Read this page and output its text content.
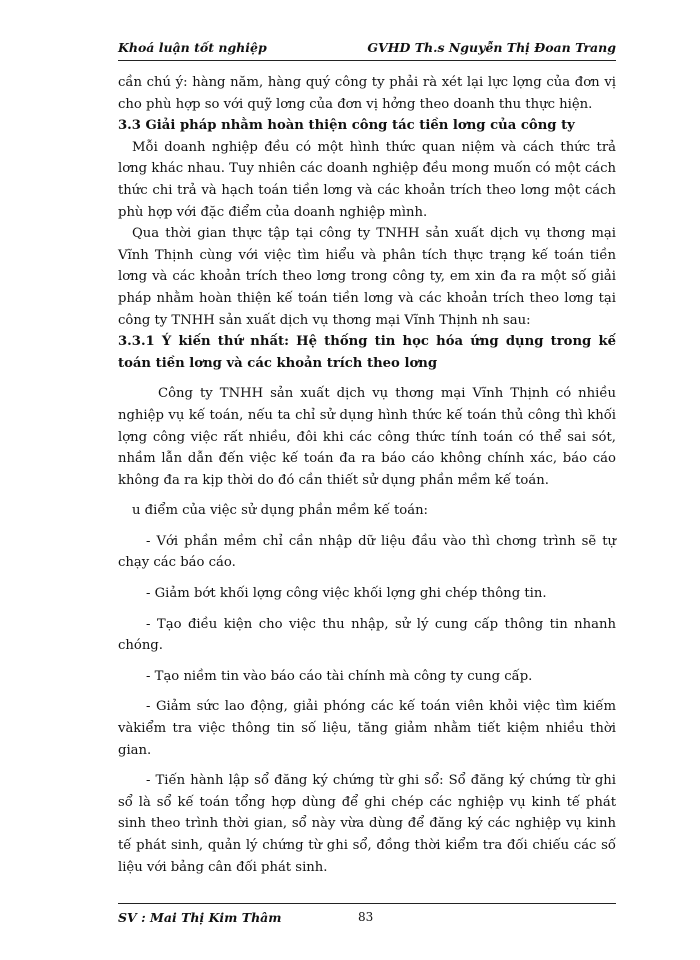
Khoá luận tốt nghiệp	GVHD Th.s Nguyễn Thị Đoan Trang

cần chú ý: hàng năm, hàng quý công ty phải rà xét lại lực lợng của đơn vị cho phù hợp so với quỹ lơng của đơn vị hởng theo doanh thu thực hiện.

3.3 Giải pháp nhằm hoàn thiện công tác tiền lơng của công ty

Mỗi doanh nghiệp đều có một hình thức quan niệm và cách thức trả lơng khác nhau. Tuy nhiên các doanh nghiệp đều mong muốn có một cách thức chi trả và hạch toán tiền lơng và các khoản trích theo lơng một cách phù hợp với đặc điểm của doanh nghiệp mình.

Qua thời gian thực tập tại công ty TNHH sản xuất dịch vụ thơng mại Vĩnh Thịnh cùng với việc tìm hiểu và phân tích thực trạng kế toán tiền lơng và các khoản trích theo lơng trong công ty, em xin đa ra một số giải pháp nhằm hoàn thiện kế toán tiền lơng và các khoản trích theo lơng tại công ty TNHH sản xuất dịch vụ thơng mại Vĩnh Thịnh nh sau:

3.3.1 Ý kiến thứ nhất: Hệ thống tin học hóa ứng dụng trong kế toán tiền lơng và các khoản trích theo lơng

Công ty TNHH sản xuất dịch vụ thơng mại Vĩnh Thịnh có nhiều nghiệp vụ kế toán, nếu ta chỉ sử dụng hình thức kế toán thủ công thì khối lợng công việc rất nhiều, đôi khi các công thức tính toán có thể sai sót, nhầm lẫn dẫn đến việc kế toán đa ra báo cáo không chính xác, báo cáo không đa ra kịp thời do đó cần thiết sử dụng phần mềm kế toán.

u điểm của việc sử dụng phần mềm kế toán:

- Với phần mềm chỉ cần nhập dữ liệu đầu vào thì chơng trình sẽ tự chạy các báo cáo.

- Giảm bớt khối lợng công việc khối lợng ghi chép thông tin.

- Tạo điều kiện cho việc thu nhập, sử lý cung cấp thông tin nhanh chóng.

- Tạo niềm tin vào báo cáo tài chính mà công ty cung cấp.

- Giảm sức lao động, giải phóng các kế toán viên khỏi việc tìm kiếm vàkiểm tra việc thông tin số liệu, tăng giảm nhằm tiết kiệm nhiều thời gian.

- Tiến hành lập sổ đăng ký chứng từ ghi sổ: Sổ đăng ký chứng từ ghi sổ là sổ kế toán tổng hợp dùng để ghi chép các nghiệp vụ kinh tế phát sinh theo trình thời gian, sổ này vừa dùng để đăng ký các nghiệp vụ kinh tế phát sinh, quản lý chứng từ ghi sổ, đồng thời kiểm tra đối chiếu các số liệu với bảng cân đối phát sinh.

SV : Mai Thị Kim Thâm	83
